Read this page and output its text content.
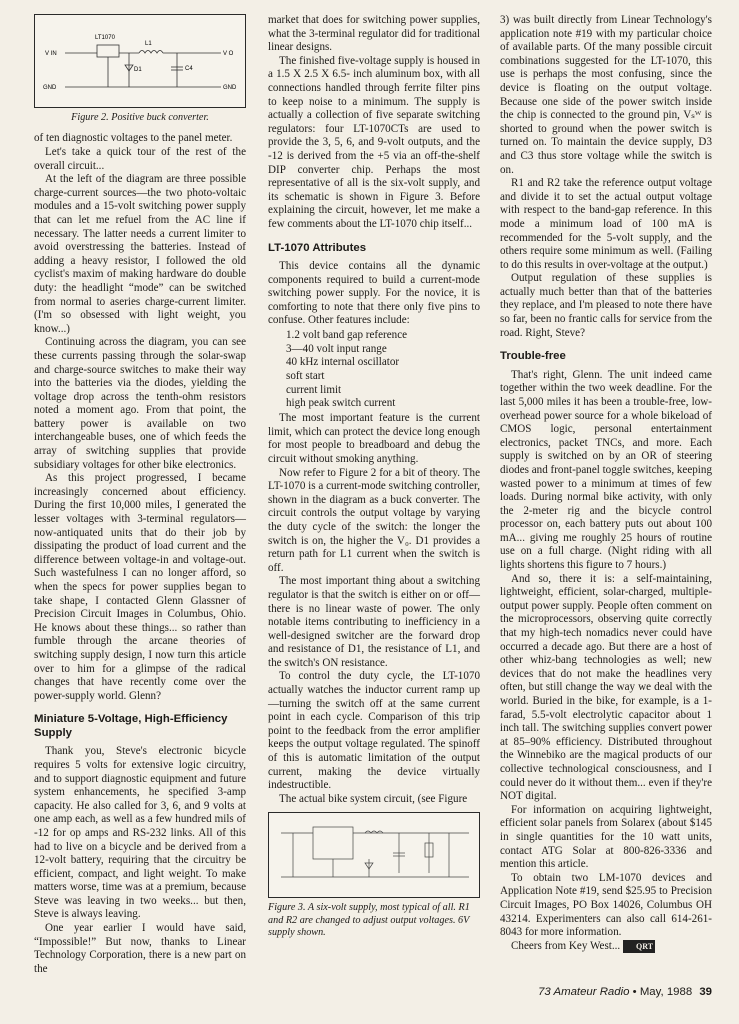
LT1070
L1
V IN	V O
D1	C4
GND	GND
Figure 2. Positive buck converter.

of ten diagnostic voltages to the panel meter.

Let's take a quick tour of the rest of the overall circuit...

At the left of the diagram are three possible charge-current sources—the two photo-voltaic modules and a 15-volt switching power supply that can let me refuel from the AC line if necessary. The latter needs a current limiter to avoid overstressing the batteries. Instead of adding a heavy resistor, I followed the old cyclist's maxim of making hardware do double duty: the headlight “mode” can be switched from normal to aseries charge-current limiter. (I'm so obsessed with light weight, you know...)

Continuing across the diagram, you can see these currents passing through the solar-swap and charge-source switches to make their way into the batteries via the diodes, yielding the voltage drop across the tenth-ohm resistors noted a moment ago. From that point, the battery power is available on two interchangeable buses, one of which feeds the array of switching supplies that provide subsidiary voltages for other bike electronics.

As this project progressed, I became increasingly concerned about efficiency. During the first 10,000 miles, I generated the lesser voltages with 3-terminal regulators—now-antiquated units that do their job by dissipating the product of load current and the difference between voltage-in and voltage-out. Such wastefulness I can no longer afford, so when the specs for power supplies began to take shape, I contacted Glenn Glassner of Precision Circuit Images in Columbus, Ohio. He knows about these things... so rather than fumble through the arcane theories of switching supply design, I now turn this article over to him for a glimpse of the radical changes that have recently come over the power-supply world. Glenn?

Miniature 5-Voltage, High-Efficiency Supply

Thank you, Steve's electronic bicycle requires 5 volts for extensive logic circuitry, and to support diagnostic equipment and future system enhancements, he specified 3-amp capacity. He also called for 3, 6, and 9 volts at one amp each, as well as a few hundred mils of -12 for op amps and RS-232 links. All of this had to live on a bicycle and be derived from a 12-volt battery, requiring that the circuitry be efficient, compact, and light weight. To make matters worse, time was at a premium, because Steve was leaving in two weeks... but then, Steve is always leaving.

One year earlier I would have said, “Impossible!” But now, thanks to Linear Technology Corporation, there is a new part on the

market that does for switching power supplies, what the 3-terminal regulator did for traditional linear designs.

The finished five-voltage supply is housed in a 1.5 X 2.5 X 6.5- inch aluminum box, with all connections handled through ferrite filter pins to keep noise to a minimum. The supply is actually a collection of five separate switching regulators: four LT-1070CTs are used to provide the 3, 5, 6, and 9-volt outputs, and the -12 is derived from the +5 via an off-the-shelf DIP converter chip. Perhaps the most representative of all is the six-volt supply, and its schematic is shown in Figure 3. Before explaining the circuit, however, let me make a few comments about the LT-1070 chip itself...

LT-1070 Attributes

This device contains all the dynamic components required to build a current-mode switching power supply. For the novice, it is comforting to note that there only five pins to confuse. Other features include:

1.2 volt band gap reference
3—40 volt input range
40 kHz internal oscillator
soft start
current limit
high peak switch current

The most important feature is the current limit, which can protect the device long enough for most people to breadboard and debug the circuit without smoking anything.

Now refer to Figure 2 for a bit of theory. The LT-1070 is a current-mode switching controller, shown in the diagram as a buck converter. The circuit controls the output voltage by varying the duty cycle of the switch: the longer the switch is on, the higher the V₀. D1 provides a return path for L1 current when the switch is off.

The most important thing about a switching regulator is that the switch is either on or off—there is no linear waste of power. The only notable items contributing to inefficiency in a well-designed switcher are the forward drop and resistance of D1, the resistance of L1, and the switch's ON resistance.

To control the duty cycle, the LT-1070 actually watches the inductor current ramp up—turning the switch off at the same current point in each cycle. Comparison of this trip point to the feedback from the error amplifier keeps the output voltage regulated. The spinoff of this is automatic limitation of the output current, making the device virtually indestructible.

The actual bike system circuit, (see Figure

Figure 3. A six-volt supply, most typical of all. R1 and R2 are changed to adjust output voltages. 6V supply shown.

3) was built directly from Linear Technology's application note #19 with my particular choice of available parts. Of the many possible circuit combinations suggested for the LT-1070, this use is perhaps the most confusing, since the device is floating on the output voltage. Because one side of the power switch inside the chip is connected to the ground pin, Vₛᵂ is shorted to ground when the power switch is turned on. To maintain the device supply, D3 and C3 thus store voltage while the switch is on.

R1 and R2 take the reference output voltage and divide it to set the actual output voltage with respect to the band-gap reference. In this mode a minimum load of 100 mA is recommended for the 5-volt supply, and the others require some minimum as well. (Failing to do this results in over-voltage at the output.)

Output regulation of these supplies is actually much better than that of the batteries they replace, and I'm pleased to note there have so far, been no frantic calls for service from the road. Right, Steve?

Trouble-free

That's right, Glenn. The unit indeed came together within the two week deadline. For the last 5,000 miles it has been a trouble-free, low-overhead power source for a whole bikeload of CMOS logic, personal entertainment electronics, packet TNCs, and more. Each supply is switched on by an OR of steering diodes and front-panel toggle switches, keeping wasted power to a minimum at times of few loads. During normal bike activity, with only the 2-meter rig and the bicycle control processor on, each battery puts out about 100 mA... giving me roughly 25 hours of routine use on a full charge. (Night riding with all lights shortens this figure to 7 hours.)

And so, there it is: a self-maintaining, lightweight, efficient, solar-charged, multiple-output power supply. People often comment on the microprocessors, observing quite correctly that my high-tech nomadics never could have occurred a decade ago. But there are a host of other whiz-bang technologies as well; new devices that do not make the headlines very often, but still change the way we deal with the world. Buried in the bike, for example, is a 1-farad, 5.5-volt electrolytic capacitor about 1 inch tall. The switching supplies convert power at 85–90% efficiency. Distributed throughout the Winnebiko are the magical products of our collective technological consciousness, and I could never do it without them... even if they're NOT digital.

For information on acquiring lightweight, efficient solar panels from Solarex (about $145 in single quantities for the 10 watt units, contact ATG Solar at 800-826-3336 and mention this article.

To obtain two LM-1070 devices and Application Note #19, send $25.95 to Precision Circuit Images, PO Box 14026, Columbus OH 43214. Experimenters can also call 614-261-8043 for more information.

Cheers from Key West... QRT

73 Amateur Radio • May, 1988 39
